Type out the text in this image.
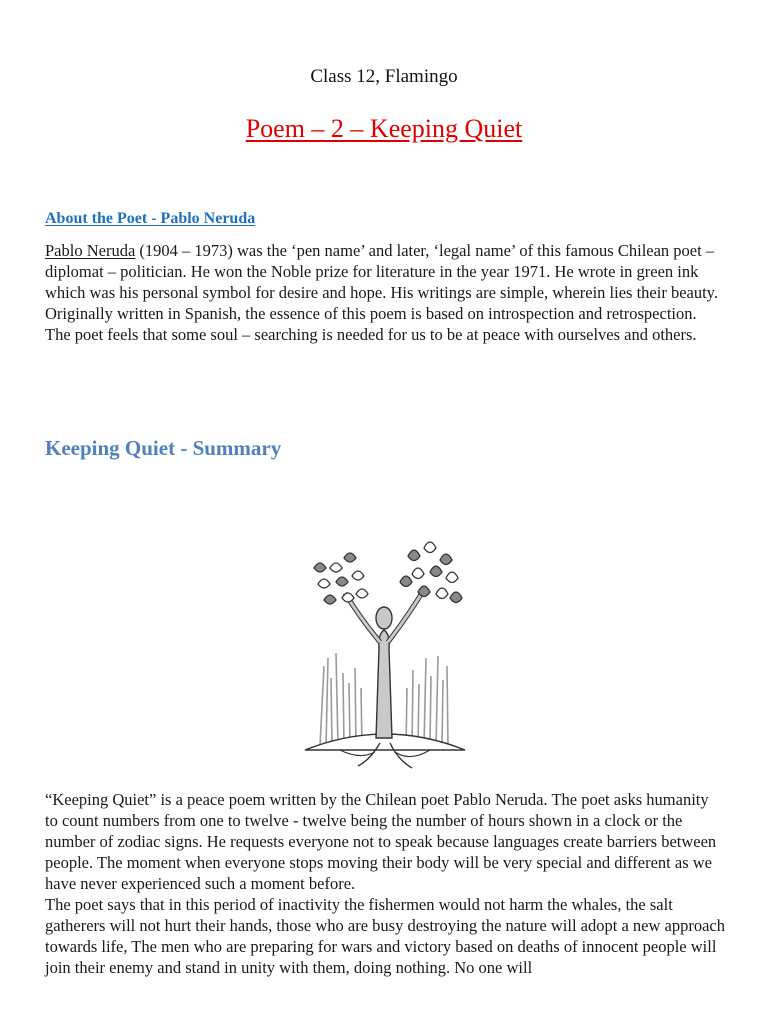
Class 12, Flamingo
Poem – 2 – Keeping Quiet
About the Poet - Pablo Neruda

Pablo Neruda (1904 – 1973) was the ‘pen name’ and later, ‘legal name’ of this famous Chilean poet – diplomat – politician. He won the Noble prize for literature in the year 1971. He wrote in green ink which was his personal symbol for desire and hope. His writings are simple, wherein lies their beauty.

Originally written in Spanish, the essence of this poem is based on introspection and retrospection. The poet feels that some soul – searching is needed for us to be at peace with ourselves and others.

Keeping Quiet - Summary

“Keeping Quiet” is a peace poem written by the Chilean poet Pablo Neruda. The poet asks humanity to count numbers from one to twelve - twelve being the number of hours shown in a clock or the number of zodiac signs. He requests everyone not to speak because languages create barriers between people. The moment when everyone stops moving their body will be very special and different as we have never experienced such a moment before.

The poet says that in this period of inactivity the fishermen would not harm the whales, the salt gatherers will not hurt their hands, those who are busy destroying the nature will adopt a new approach towards life, The men who are preparing for wars and victory based on deaths of innocent people will join their enemy and stand in unity with them, doing nothing. No one will
